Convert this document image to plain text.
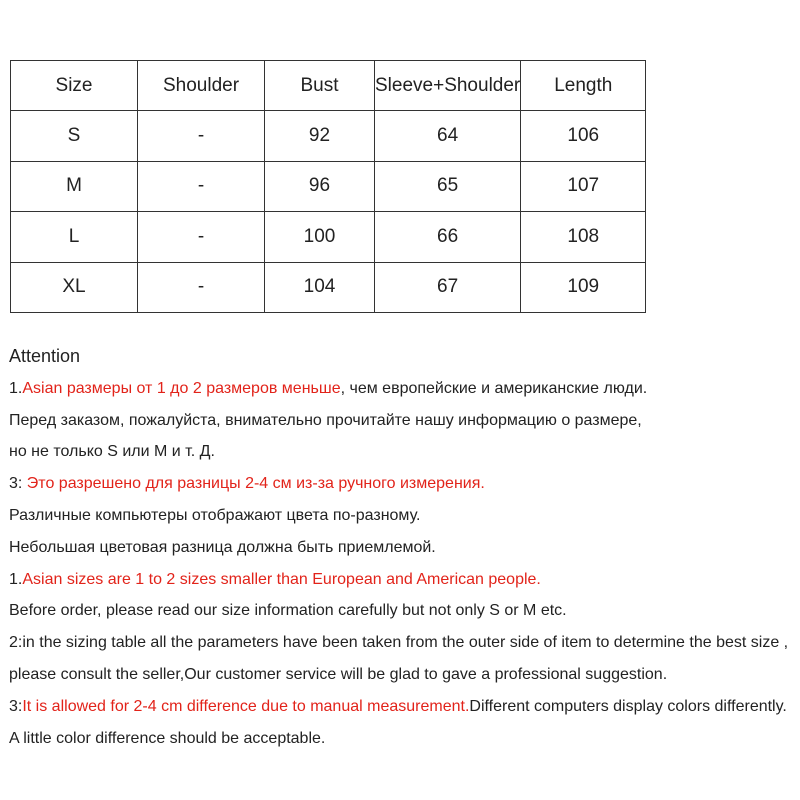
Size	Shoulder	Bust	Sleeve+Shoulder	Length
S	-	92	64	106
M	-	96	65	107
L	-	100	66	108
XL	-	104	67	109
Attention
1.Asian размеры от 1 до 2 размеров меньше, чем европейские и американские люди.
Перед заказом, пожалуйста, внимательно прочитайте нашу информацию о размере,
но не только S или M и т. Д.
3: Это разрешено для разницы 2-4 см из-за ручного измерения.
Различные компьютеры отображают цвета по-разному.
Небольшая цветовая разница должна быть приемлемой.
1.Asian sizes are 1 to 2 sizes smaller than European and American people.
Before order, please read our size information carefully but not only S or M etc.
2:in the sizing table all the parameters have been taken from the outer side of item to determine the best size ,
please consult the seller,Our customer service will be glad to gave a professional suggestion.
3:It is allowed for 2-4 cm difference due to manual measurement.Different computers display colors differently.
A little color difference should be acceptable.
